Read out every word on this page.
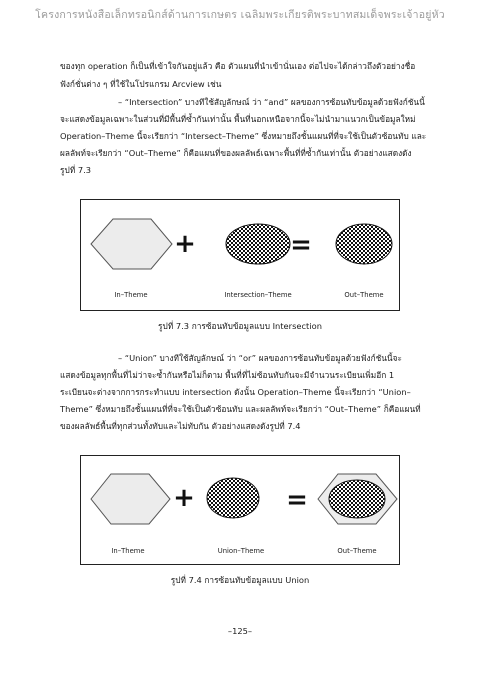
โครงการหนังสือเล็กทรอนิกส์ด้านการเกษตร เฉลิมพระเกียรติพระบาทสมเด็จพระเจ้าอยู่หัว
ของทุก operation ก็เป็นที่เข้าใจกันอยู่แล้ว คือ ตัวแผนที่นำเข้านั่นเอง ต่อไปจะได้กล่าวถึงตัวอย่างชื่อ
ฟังก์ชั่นต่าง ๆ ที่ใช้ในโปรแกรม Arcview เช่น
– “Intersection” บางทีใช้สัญลักษณ์ ว่า “and” ผลของการซ้อนทับข้อมูลด้วยฟังก์ชันนี้
จะแสดงข้อมูลเฉพาะในส่วนที่มีพื้นที่ซ้ำกันเท่านั้น พื้นที่นอกเหนือจากนี้จะไม่นำมาแนวกเป็นข้อมูลใหม่
Operation–Theme นี้จะเรียกว่า “Intersect–Theme” ซึ่งหมายถึงชั้นแผนที่ที่จะใช้เป็นตัวซ้อนทับ และ
ผลลัพท์จะเรียกว่า “Out–Theme” ก็คือแผนที่ของผลลัพธ์เฉพาะพื้นที่ที่ซ้ำกันเท่านั้น ตัวอย่างแสดงดัง
รูปที่ 7.3
+	=
In–Theme	Intersection–Theme	Out–Theme
รูปที่ 7.3 การซ้อนทับข้อมูลแบบ Intersection
– “Union” บางทีใช้สัญลักษณ์ ว่า “or” ผลของการซ้อนทับข้อมูลด้วยฟังก์ชันนี้จะ
แสดงข้อมูลทุกพื้นที่ไม่ว่าจะซ้ำกันหรือไม่ก็ตาม พื้นที่ที่ไม่ซ้อนทับกันจะมีจำนวนระเบียนเพิ่มอีก 1
ระเบียนจะต่างจากการกระทำแบบ intersection ดังนั้น Operation–Theme นี้จะเรียกว่า “Union–
Theme” ซึ่งหมายถึงชั้นแผนที่ที่จะใช้เป็นตัวซ้อนทับ และผลลัพท์จะเรียกว่า “Out–Theme” ก็คือแผนที่
ของผลลัพธ์พื้นที่ทุกส่วนทั้งทับและไม่ทับกัน ตัวอย่างแสดงดังรูปที่ 7.4
+	=
In–Theme	Union–Theme	Out–Theme
รูปที่ 7.4 การซ้อนทับข้อมูลแบบ Union
–125–
